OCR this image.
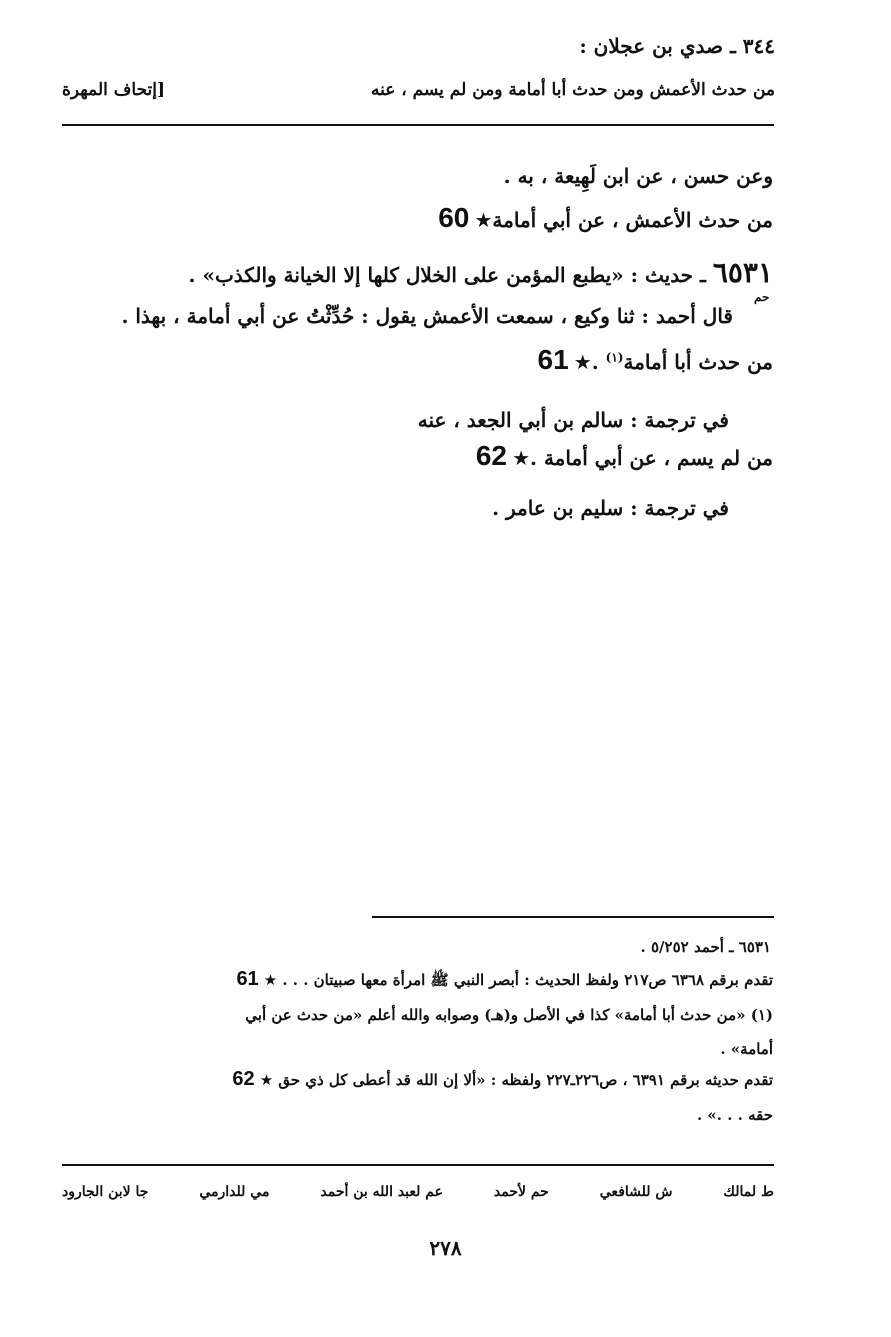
٣٤٤ ـ صدي بن عجلان :
من حدث الأعمش ومن حدث أبا أمامة ومن لم يسم ، عنه
[إتحاف المهرة
وعن حسن ، عن ابن لَهِيعة ، به .
60 ★من حدث الأعمش ، عن أبي أمامة
٦٥٣١ ـ حديث : «يطبع المؤمن على الخلال كلها إلا الخيانة والكذب» .
حم
قال أحمد : ثنا وكيع ، سمعت الأعمش يقول : حُدِّثْتُ عن أبي أمامة ، بهذا .
61 ★ من حدث أبا أمامة$^{(١)}$ .
في ترجمة : سالم بن أبي الجعد ، عنه
62 ★من لم يسم ، عن أبي أمامة .
في ترجمة : سليم بن عامر .
٦٥٣١ ـ أحمد ٥/٢٥٢ .
61 ★ تقدم برقم ٦٣٦٨ ص٢١٧ ولفظ الحديث : أبصر النبي ﷺ امرأة معها صبيتان . . .
(١) «من حدث أبا أمامة» كذا في الأصل و(هـ) وصوابه والله أعلم «من حدث عن أبي
أمامة» .
62 ★ تقدم حديثه برقم ٦٣٩١ ، ص٢٢٦ـ٢٢٧ ولفظه : «ألا إن الله قد أعطى كل ذي حق
حقه . . .» .
ط لمالك
ش للشافعي
حم لأحمد
عم لعبد الله بن أحمد
مي للدارمي
جا لابن الجارود
٢٧٨
